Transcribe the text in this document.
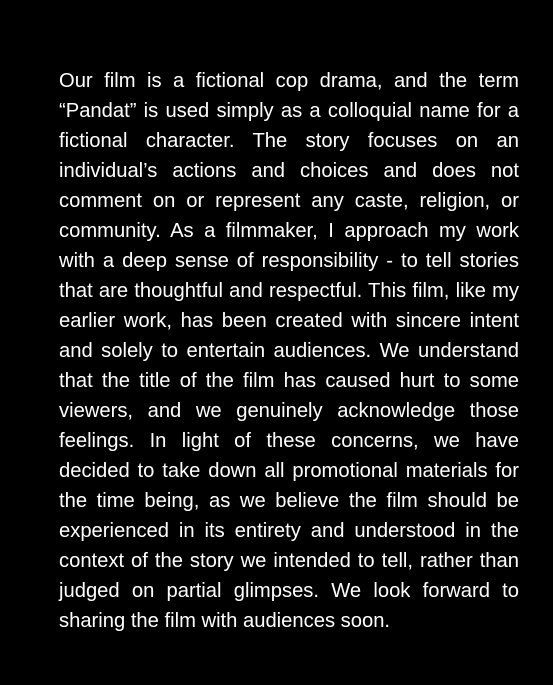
Our film is a fictional cop drama, and the term “Pandat” is used simply as a colloquial name for a fictional character. The story focuses on an individual’s actions and choices and does not comment on or represent any caste, religion, or community. As a filmmaker, I approach my work with a deep sense of responsibility - to tell stories that are thoughtful and respectful. This film, like my earlier work, has been created with sincere intent and solely to entertain audiences. We understand that the title of the film has caused hurt to some viewers, and we genuinely acknowledge those feelings. In light of these concerns, we have decided to take down all promotional materials for the time being, as we believe the film should be experienced in its entirety and understood in the context of the story we intended to tell, rather than judged on partial glimpses. We look forward to sharing the film with audiences soon.
